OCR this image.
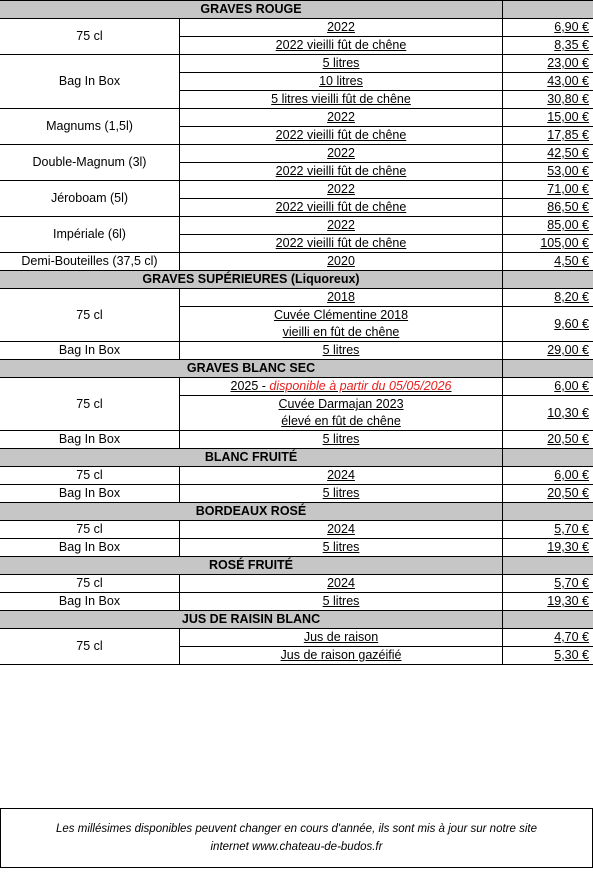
GRAVES ROUGE		
75 cl	2022	6,90 €
	2022 vieilli fût de chêne	8,35 €
Bag In Box	5 litres	23,00 €
	10 litres	43,00 €
	5 litres vieilli fût de chêne	30,80 €
Magnums (1,5l)	2022	15,00 €
	2022 vieilli fût de chêne	17,85 €
Double-Magnum (3l)	2022	42,50 €
	2022 vieilli fût de chêne	53,00 €
Jéroboam (5l)	2022	71,00 €
	2022 vieilli fût de chêne	86,50 €
Impériale (6l)	2022	85,00 €
	2022 vieilli fût de chêne	105,00 €
Demi-Bouteilles (37,5 cl)	2020	4,50 €
GRAVES SUPÉRIEURES (Liquoreux)		
75 cl	2018	8,20 €
	Cuvée Clémentine 2018
vieilli en fût de chêne	9,60 €
Bag In Box	5 litres	29,00 €
GRAVES BLANC SEC		
75 cl	2025 - disponible à partir du 05/05/2026	6,00 €
	Cuvée Darmajan 2023
élevé en fût de chêne	10,30 €
Bag In Box	5 litres	20,50 €
BLANC FRUITÉ		
75 cl	2024	6,00 €
Bag In Box	5 litres	20,50 €
BORDEAUX ROSÉ		
75 cl	2024	5,70 €
Bag In Box	5 litres	19,30 €
ROSÉ FRUITÉ		
75 cl	2024	5,70 €
Bag In Box	5 litres	19,30 €
JUS DE RAISIN BLANC		
75 cl	Jus de raison	4,70 €
	Jus de raison gazéifié	5,30 €
Les millésimes disponibles peuvent changer en cours d'année, ils sont mis à jour sur notre site
internet www.chateau-de-budos.fr
